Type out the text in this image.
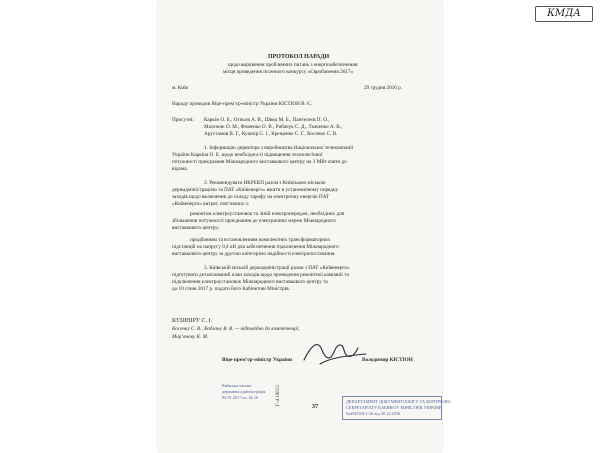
КМДА
ПРОТОКОЛ НАРАДИ
щодо вирішення проблемних питань з енергозабезпечення
місця проведення пісенного конкурсу «Євробачення 2017»
м. Київ	29 грудня 2016 р.
Нараду проводив Віце-прем’єр-міністр України КІСТІОН В. Є.
Присутні: Каркін О. Е., Огиьов А. В., Швед М. Б., Пантелеєв П. О.,
Малєжик О. М., Фоменко О. В., Рибачук С. Д., Ткаченко А. В.,
Арустамов В. Г., Кушнір С. І., Крещенко С. Г., Косенко С. В.
1. Інформацію директора з виробництва Національної телекомпанії
України Каркіна О. Е. щодо необхідності підвищення технологічної
потужності приєднання Міжнародного виставкового центру на 3 МВт взяти до
відома.
2. Рекомендувати НКРЕКП разом з Київською міською
держадміністрацією та ПАТ «Київенерго» вжити в установленому порядку
заходів щодо включення до складу тарифу на електричну енергію ПАТ
«Київенерго» витрат, пов’язаних з:
ремонтом електроустановок та ліній електропередачі, необхідних для
збільшення потужності приєднання до електричних мереж Міжнародного
виставкового центру;
придбанням та встановленням комплектних трансформаторних
підстанцій на напругу 0,4 кВ для забезпечення підключення Міжнародного
виставкового центру за другою категорією надійності електропостачання.
3. Київській міській держадміністрації разом з ПАТ «Київенерго»
підготувати деталізований план заходів щодо проведення ремонтної кампанії та
підключення електроустановок Міжнародного виставкового центру та
до 10 січня 2017 р. подати його Кабінетові Міністрів.
КУШНІРУ С. І.
Косенку С. В., Кобзану В. В. — відповідно до компетенції,
Мар’янову К. М.
Віце-прем’єр-міністр України	Володимир КІСТІОН
Київська міська
державна адміністрація
03.01.2017 вх. № 10
37
Г-4 10613	ДЕПАРТАМЕНТ ДОКУМЕНТООБІГУ ТА КОНТРОЛЮ
СЕКРЕТАРІАТУ КАБІНЕТУ МІНІСТРІВ УКРАЇНИ
№49255/0/1-16 від 30.12.2016
